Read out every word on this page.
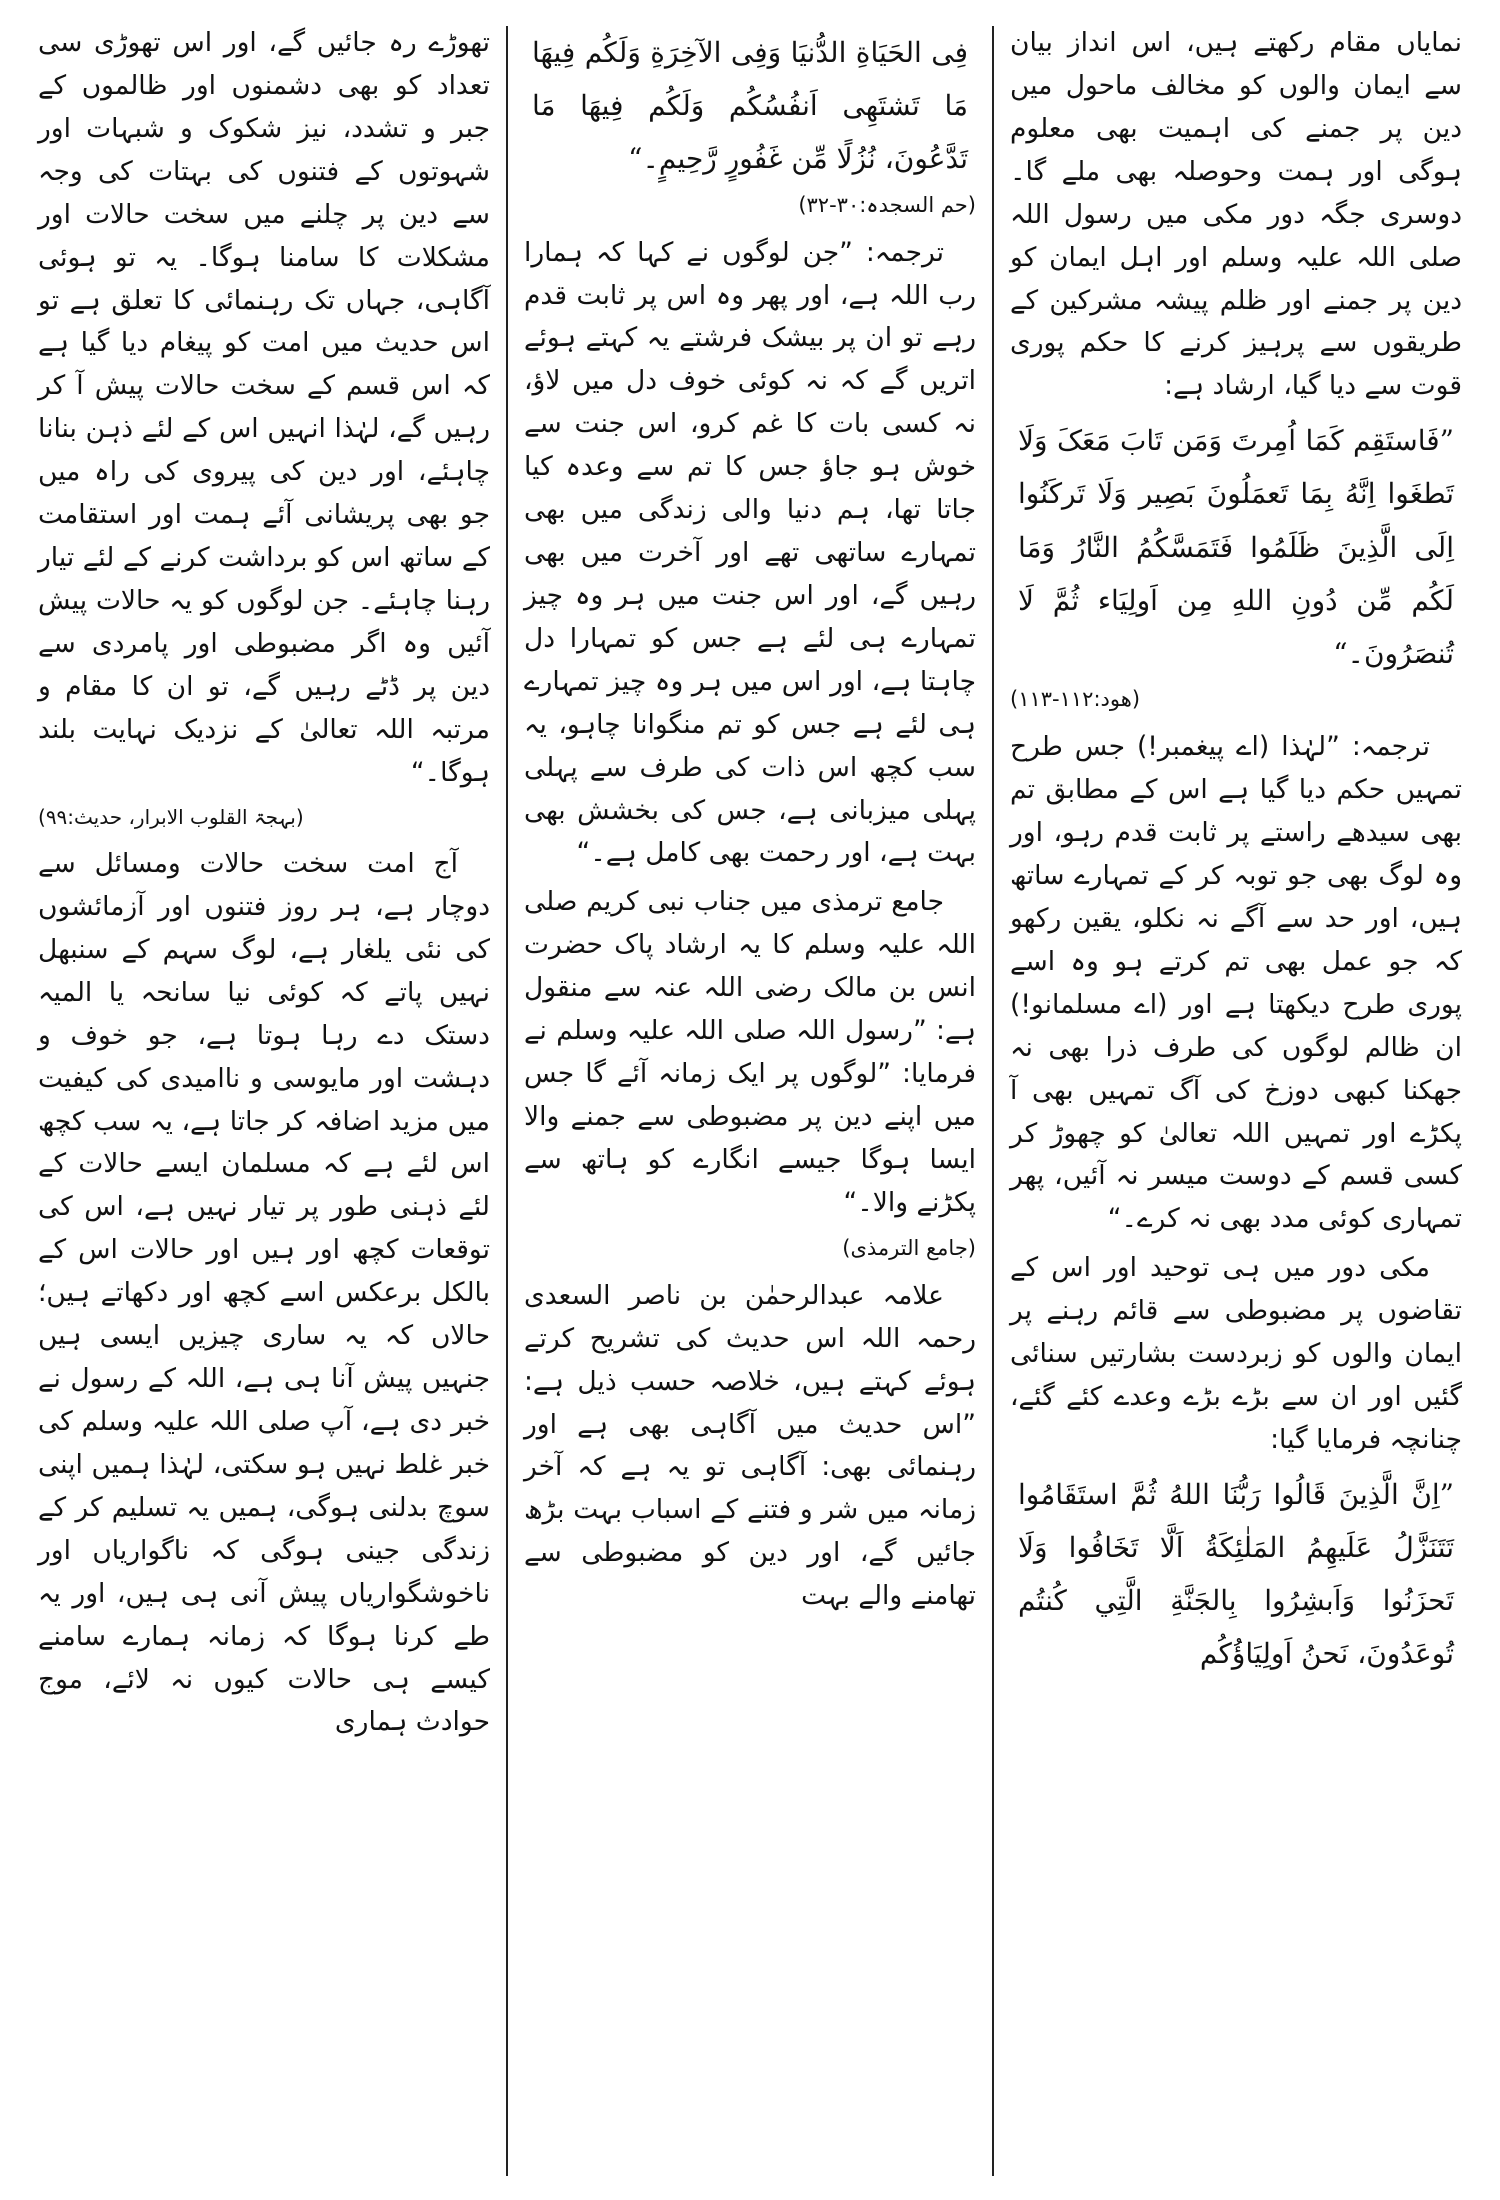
نمایاں مقام رکھتے ہیں، اس انداز بیان سے ایمان والوں کو مخالف ماحول میں دین پر جمنے کی اہمیت بھی معلوم ہوگی اور ہمت وحوصلہ بھی ملے گا۔ دوسری جگہ دور مکی میں رسول اللہ صلی اللہ علیہ وسلم اور اہل ایمان کو دین پر جمنے اور ظلم پیشہ مشرکین کے طریقوں سے پرہیز کرنے کا حکم پوری قوت سے دیا گیا، ارشاد ہے:

”فَاستَقِم كَمَا اُمِرتَ وَمَن تَابَ مَعَکَ وَلَا تَطغَوا اِنَّهُ بِمَا تَعمَلُونَ بَصِير وَلَا تَرکَنُوا اِلَی الَّذِينَ ظَلَمُوا فَتَمَسَّكُمُ النَّارُ وَمَا لَكُم مِّن دُونِ اللهِ مِن اَولِيَاء ثُمَّ لَا تُنصَرُونَ۔“
(ھود:۱۱۲-۱۱۳)

ترجمہ: ”لہٰذا (اے پیغمبر!) جس طرح تمہیں حکم دیا گیا ہے اس کے مطابق تم بھی سیدھے راستے پر ثابت قدم رہو، اور وہ لوگ بھی جو توبہ کر کے تمہارے ساتھ ہیں، اور حد سے آگے نہ نکلو، یقین رکھو کہ جو عمل بھی تم کرتے ہو وہ اسے پوری طرح دیکھتا ہے اور (اے مسلمانو!) ان ظالم لوگوں کی طرف ذرا بھی نہ جھکنا کبھی دوزخ کی آگ تمہیں بھی آ پکڑے اور تمہیں اللہ تعالیٰ کو چھوڑ کر کسی قسم کے دوست میسر نہ آئیں، پھر تمہاری کوئی مدد بھی نہ کرے۔“

مکی دور میں ہی توحید اور اس کے تقاضوں پر مضبوطی سے قائم رہنے پر ایمان والوں کو زبردست بشارتیں سنائی گئیں اور ان سے بڑے بڑے وعدے کئے گئے، چنانچہ فرمایا گیا:

”اِنَّ الَّذِينَ قَالُوا رَبُّنَا اللهُ ثُمَّ استَقَامُوا تَتَنَزَّلُ عَلَيهِمُ المَلٰئِكَةُ اَلَّا تَخَافُوا وَلَا تَحزَنُوا وَاَبشِرُوا بِالجَنَّةِ الَّتِي كُنتُم تُوعَدُونَ، نَحنُ اَولِيَاؤُكُم
فِی الحَيَاةِ الدُّنيَا وَفِی الآخِرَةِ وَلَكُم فِيهَا مَا تَشتَهِی اَنفُسُكُم وَلَكُم فِيهَا مَا تَدَّعُونَ، نُزُلًا مِّن غَفُورٍ رَّحِيمٍ۔“
(حم السجدہ:۳۰-۳۲)

ترجمہ: ”جن لوگوں نے کہا کہ ہمارا رب اللہ ہے، اور پھر وہ اس پر ثابت قدم رہے تو ان پر بیشک فرشتے یہ کہتے ہوئے اتریں گے کہ نہ کوئی خوف دل میں لاؤ، نہ کسی بات کا غم کرو، اس جنت سے خوش ہو جاؤ جس کا تم سے وعدہ کیا جاتا تھا، ہم دنیا والی زندگی میں بھی تمہارے ساتھی تھے اور آخرت میں بھی رہیں گے، اور اس جنت میں ہر وہ چیز تمہارے ہی لئے ہے جس کو تمہارا دل چاہتا ہے، اور اس میں ہر وہ چیز تمہارے ہی لئے ہے جس کو تم منگوانا چاہو، یہ سب کچھ اس ذات کی طرف سے پہلی پہلی میزبانی ہے، جس کی بخشش بھی بہت ہے، اور رحمت بھی کامل ہے۔“

جامع ترمذی میں جناب نبی کریم صلی اللہ علیہ وسلم کا یہ ارشاد پاک حضرت انس بن مالک رضی اللہ عنہ سے منقول ہے: ”رسول اللہ صلی اللہ علیہ وسلم نے فرمایا: ”لوگوں پر ایک زمانہ آئے گا جس میں اپنے دین پر مضبوطی سے جمنے والا ایسا ہوگا جیسے انگارے کو ہاتھ سے پکڑنے والا۔“

(جامع الترمذی)

علامہ عبدالرحمٰن بن ناصر السعدی رحمہ اللہ اس حدیث کی تشریح کرتے ہوئے کہتے ہیں، خلاصہ حسب ذیل ہے: ”اس حدیث میں آگاہی بھی ہے اور رہنمائی بھی: آگاہی تو یہ ہے کہ آخر زمانہ میں شر و فتنے کے اسباب بہت بڑھ جائیں گے، اور دین کو مضبوطی سے تھامنے والے بہت

تھوڑے رہ جائیں گے، اور اس تھوڑی سی تعداد کو بھی دشمنوں اور ظالموں کے جبر و تشدد، نیز شکوک و شبہات اور شہوتوں کے فتنوں کی بہتات کی وجہ سے دین پر چلنے میں سخت حالات اور مشکلات کا سامنا ہوگا۔ یہ تو ہوئی آگاہی، جہاں تک رہنمائی کا تعلق ہے تو اس حدیث میں امت کو پیغام دیا گیا ہے کہ اس قسم کے سخت حالات پیش آ کر رہیں گے، لہٰذا انہیں اس کے لئے ذہن بنانا چاہئے، اور دین کی پیروی کی راہ میں جو بھی پریشانی آئے ہمت اور استقامت کے ساتھ اس کو برداشت کرنے کے لئے تیار رہنا چاہئے۔ جن لوگوں کو یہ حالات پیش آئیں وہ اگر مضبوطی اور پامردی سے دین پر ڈٹے رہیں گے، تو ان کا مقام و مرتبہ اللہ تعالیٰ کے نزدیک نہایت بلند ہوگا۔“

(بہجۃ القلوب الابرار، حدیث:۹۹)

آج امت سخت حالات ومسائل سے دوچار ہے، ہر روز فتنوں اور آزمائشوں کی نئی یلغار ہے، لوگ سہم کے سنبھل نہیں پاتے کہ کوئی نیا سانحہ یا المیہ دستک دے رہا ہوتا ہے، جو خوف و دہشت اور مایوسی و ناامیدی کی کیفیت میں مزید اضافہ کر جاتا ہے، یہ سب کچھ اس لئے ہے کہ مسلمان ایسے حالات کے لئے ذہنی طور پر تیار نہیں ہے، اس کی توقعات کچھ اور ہیں اور حالات اس کے بالکل برعکس اسے کچھ اور دکھاتے ہیں؛ حالاں کہ یہ ساری چیزیں ایسی ہیں جنہیں پیش آنا ہی ہے، اللہ کے رسول نے خبر دی ہے، آپ صلی اللہ علیہ وسلم کی خبر غلط نہیں ہو سکتی، لہٰذا ہمیں اپنی سوچ بدلنی ہوگی، ہمیں یہ تسلیم کر کے زندگی جینی ہوگی کہ ناگواریاں اور ناخوشگواریاں پیش آنی ہی ہیں، اور یہ طے کرنا ہوگا کہ زمانہ ہمارے سامنے کیسے ہی حالات کیوں نہ لائے، موج حوادث ہماری
